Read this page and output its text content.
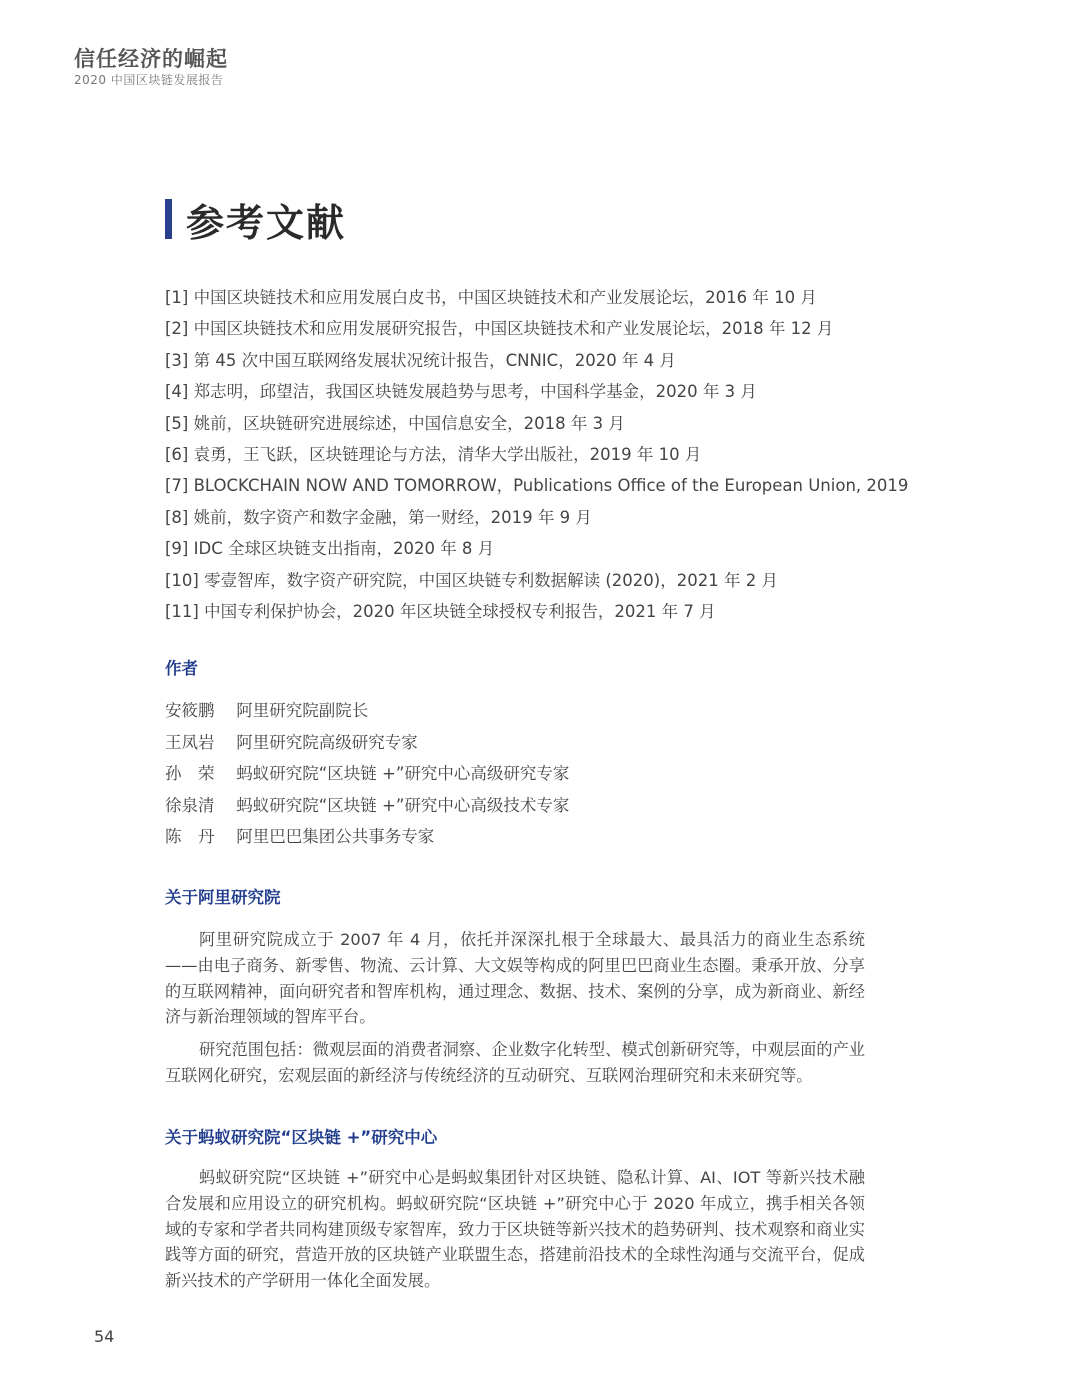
信任经济的崛起
2020 中国区块链发展报告
参考文献
[1] 中国区块链技术和应用发展白皮书，中国区块链技术和产业发展论坛，2016 年 10 月
[2] 中国区块链技术和应用发展研究报告，中国区块链技术和产业发展论坛，2018 年 12 月
[3] 第 45 次中国互联网络发展状况统计报告，CNNIC，2020 年 4 月
[4] 郑志明，邱望洁，我国区块链发展趋势与思考，中国科学基金，2020 年 3 月
[5] 姚前，区块链研究进展综述，中国信息安全，2018 年 3 月
[6] 袁勇，王飞跃，区块链理论与方法，清华大学出版社，2019 年 10 月
[7] BLOCKCHAIN NOW AND TOMORROW，Publications Office of the European Union, 2019
[8] 姚前，数字资产和数字金融，第一财经，2019 年 9 月
[9] IDC 全球区块链支出指南，2020 年 8 月
[10] 零壹智库，数字资产研究院，中国区块链专利数据解读 (2020)，2021 年 2 月
[11] 中国专利保护协会，2020 年区块链全球授权专利报告，2021 年 7 月
作者
安筱鹏 阿里研究院副院长
王凤岩 阿里研究院高级研究专家
孙　荣 蚂蚁研究院“区块链 +”研究中心高级研究专家
徐泉清 蚂蚁研究院“区块链 +”研究中心高级技术专家
陈　丹 阿里巴巴集团公共事务专家
关于阿里研究院
阿里研究院成立于 2007 年 4 月，依托并深深扎根于全球最大、最具活力的商业生态系统——由电子商务、新零售、物流、云计算、大文娱等构成的阿里巴巴商业生态圈。秉承开放、分享的互联网精神，面向研究者和智库机构，通过理念、数据、技术、案例的分享，成为新商业、新经济与新治理领域的智库平台。
研究范围包括：微观层面的消费者洞察、企业数字化转型、模式创新研究等，中观层面的产业互联网化研究，宏观层面的新经济与传统经济的互动研究、互联网治理研究和未来研究等。
关于蚂蚁研究院“区块链 +”研究中心
蚂蚁研究院“区块链 +”研究中心是蚂蚁集团针对区块链、隐私计算、AI、IOT 等新兴技术融合发展和应用设立的研究机构。蚂蚁研究院“区块链 +”研究中心于 2020 年成立，携手相关各领域的专家和学者共同构建顶级专家智库，致力于区块链等新兴技术的趋势研判、技术观察和商业实践等方面的研究，营造开放的区块链产业联盟生态，搭建前沿技术的全球性沟通与交流平台，促成新兴技术的产学研用一体化全面发展。
54
